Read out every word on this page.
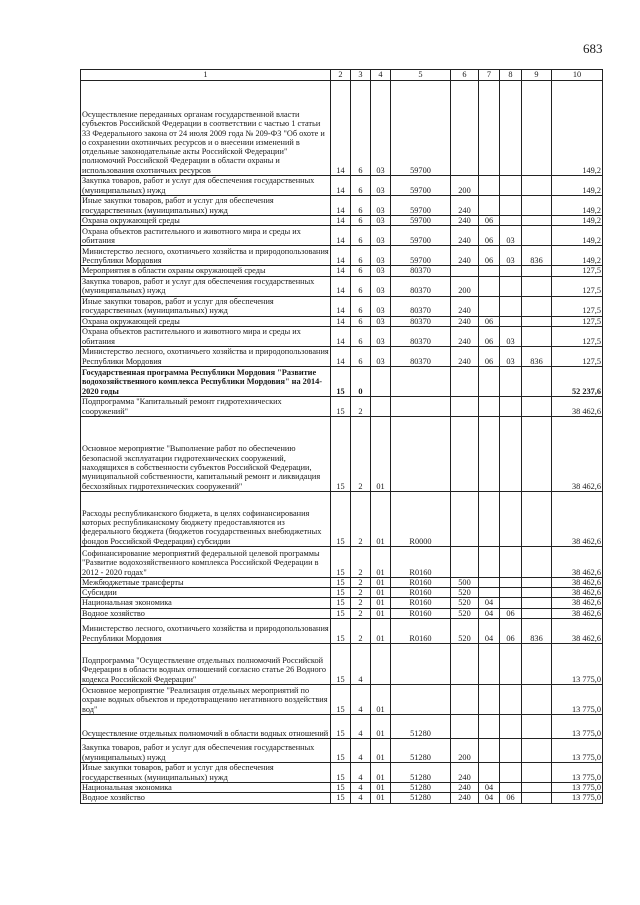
683
1	2	3	4	5	6	7	8	9	10
Осуществление переданных органам государственной власти субъектов Российской Федерации в соответствии с частью 1 статьи 33 Федерального закона от 24 июля 2009 года № 209-ФЗ "Об охоте и о сохранении охотничьих ресурсов и о внесении изменений в отдельные законодательные акты Российской Федерации" полномочий Российской Федерации в области охраны и использования охотничьих ресурсов	14	6	03	59700					149,2
Закупка товаров, работ и услуг для обеспечения государственных (муниципальных) нужд	14	6	03	59700	200				149,2
Иные закупки товаров, работ и услуг для обеспечения государственных (муниципальных) нужд	14	6	03	59700	240				149,2
Охрана окружающей среды	14	6	03	59700	240	06			149,2
Охрана объектов растительного и животного мира и среды их обитания	14	6	03	59700	240	06	03		149,2
Министерство лесного, охотничьего хозяйства и природопользования Республики Мордовия	14	6	03	59700	240	06	03	836	149,2
Мероприятия в области охраны окружающей среды	14	6	03	80370					127,5
Закупка товаров, работ и услуг для обеспечения государственных (муниципальных) нужд	14	6	03	80370	200				127,5
Иные закупки товаров, работ и услуг для обеспечения государственных (муниципальных) нужд	14	6	03	80370	240				127,5
Охрана окружающей среды	14	6	03	80370	240	06			127,5
Охрана объектов растительного и животного мира и среды их обитания	14	6	03	80370	240	06	03		127,5
Министерство лесного, охотничьего хозяйства и природопользования Республики Мордовия	14	6	03	80370	240	06	03	836	127,5
Государственная программа Республики Мордовия "Развитие водохозяйственного комплекса Республики Мордовия" на 2014-2020 годы	15	0							52 237,6
Подпрограмма "Капитальный ремонт гидротехнических сооружений"	15	2							38 462,6
Основное мероприятие "Выполнение работ по обеспечению безопасной эксплуатации гидротехнических сооружений, находящихся в собственности субъектов Российской Федерации, муниципальной собственности, капитальный ремонт и ликвидация бесхозяйных гидротехнических сооружений"	15	2	01						38 462,6
Расходы республиканского бюджета, в целях софинансирования которых республиканскому бюджету предоставляются из федерального бюджета (бюджетов государственных внебюджетных фондов Российской Федерации) субсидии	15	2	01	R0000					38 462,6
Софинансирование мероприятий федеральной целевой программы "Развитие водохозяйственного комплекса Российской Федерации в 2012 - 2020 годах"	15	2	01	R0160					38 462,6
Межбюджетные трансферты	15	2	01	R0160	500				38 462,6
Субсидии	15	2	01	R0160	520				38 462,6
Национальная экономика	15	2	01	R0160	520	04			38 462,6
Водное хозяйство	15	2	01	R0160	520	04	06		38 462,6
Министерство лесного, охотничьего хозяйства и природопользования Республики Мордовия	15	2	01	R0160	520	04	06	836	38 462,6
Подпрограмма "Осуществление отдельных полномочий Российской Федерации в области водных отношений согласно статье 26 Водного кодекса Российской Федерации"	15	4							13 775,0
Основное мероприятие "Реализация отдельных мероприятий по охране водных объектов и предотвращению негативного воздействия вод"	15	4	01						13 775,0
Осуществление отдельных полномочий в области водных отношений	15	4	01	51280					13 775,0
Закупка товаров, работ и услуг для обеспечения государственных (муниципальных) нужд	15	4	01	51280	200				13 775,0
Иные закупки товаров, работ и услуг для обеспечения государственных (муниципальных) нужд	15	4	01	51280	240				13 775,0
Национальная экономика	15	4	01	51280	240	04			13 775,0
Водное хозяйство	15	4	01	51280	240	04	06		13 775,0
